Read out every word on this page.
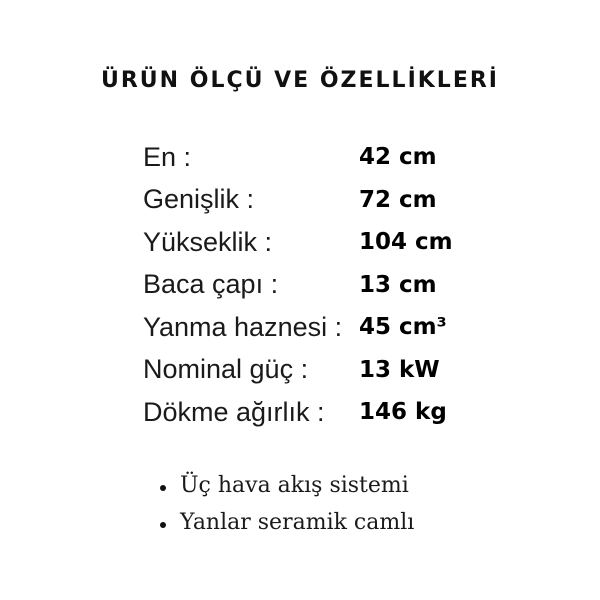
ÜRÜN ÖLÇÜ VE ÖZELLİKLERİ
En :	42 cm
Genişlik :	72 cm
Yükseklik :	104 cm
Baca çapı :	13 cm
Yanma haznesi : 45 cm³
Nominal güç :	13 kW
Dökme ağırlık :	146 kg
Üç hava akış sistemi
Yanlar seramik camlı
